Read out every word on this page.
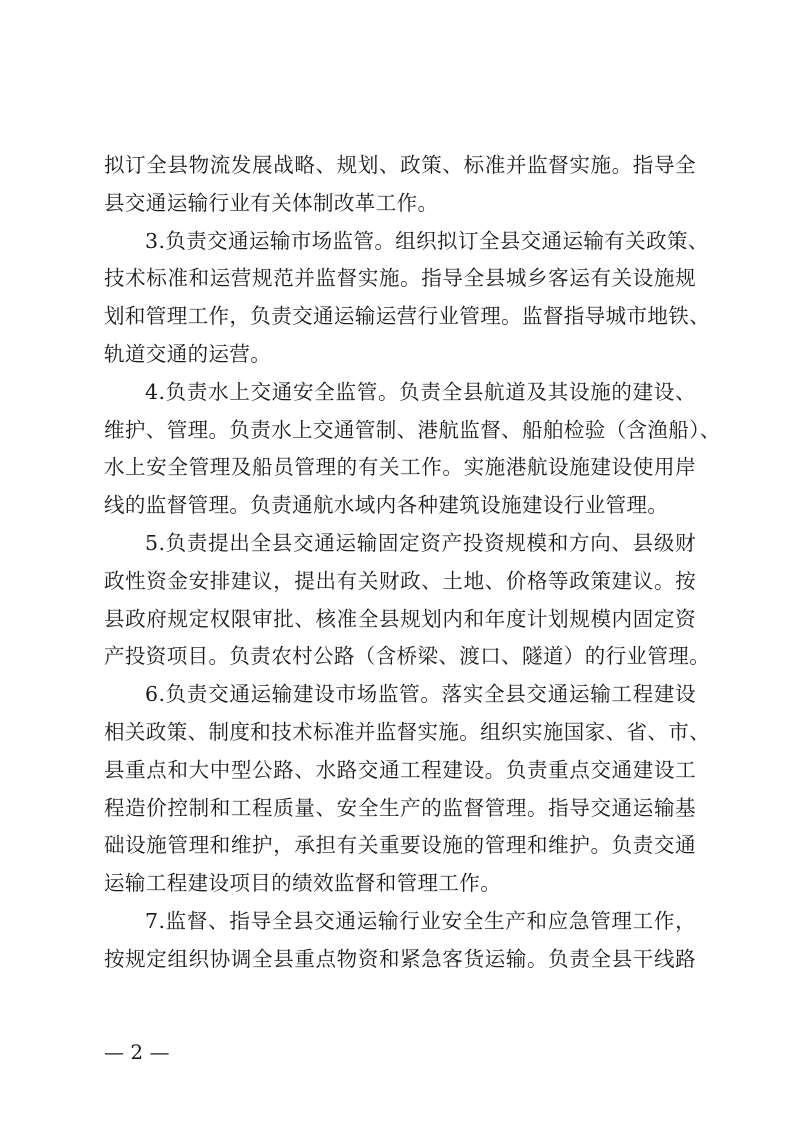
拟订全县物流发展战略、规划、政策、标准并监督实施。指导全
县交通运输行业有关体制改革工作。
3.负责交通运输市场监管。组织拟订全县交通运输有关政策、
技术标准和运营规范并监督实施。指导全县城乡客运有关设施规
划和管理工作，负责交通运输运营行业管理。监督指导城市地铁、
轨道交通的运营。
4.负责水上交通安全监管。负责全县航道及其设施的建设、
维护、管理。负责水上交通管制、港航监督、船舶检验（含渔船）、
水上安全管理及船员管理的有关工作。实施港航设施建设使用岸
线的监督管理。负责通航水域内各种建筑设施建设行业管理。
5.负责提出全县交通运输固定资产投资规模和方向、县级财
政性资金安排建议，提出有关财政、土地、价格等政策建议。按
县政府规定权限审批、核准全县规划内和年度计划规模内固定资
产投资项目。负责农村公路（含桥梁、渡口、隧道）的行业管理。
6.负责交通运输建设市场监管。落实全县交通运输工程建设
相关政策、制度和技术标准并监督实施。组织实施国家、省、市、
县重点和大中型公路、水路交通工程建设。负责重点交通建设工
程造价控制和工程质量、安全生产的监督管理。指导交通运输基
础设施管理和维护，承担有关重要设施的管理和维护。负责交通
运输工程建设项目的绩效监督和管理工作。
7.监督、指导全县交通运输行业安全生产和应急管理工作，
按规定组织协调全县重点物资和紧急客货运输。负责全县干线路
— 2 —
